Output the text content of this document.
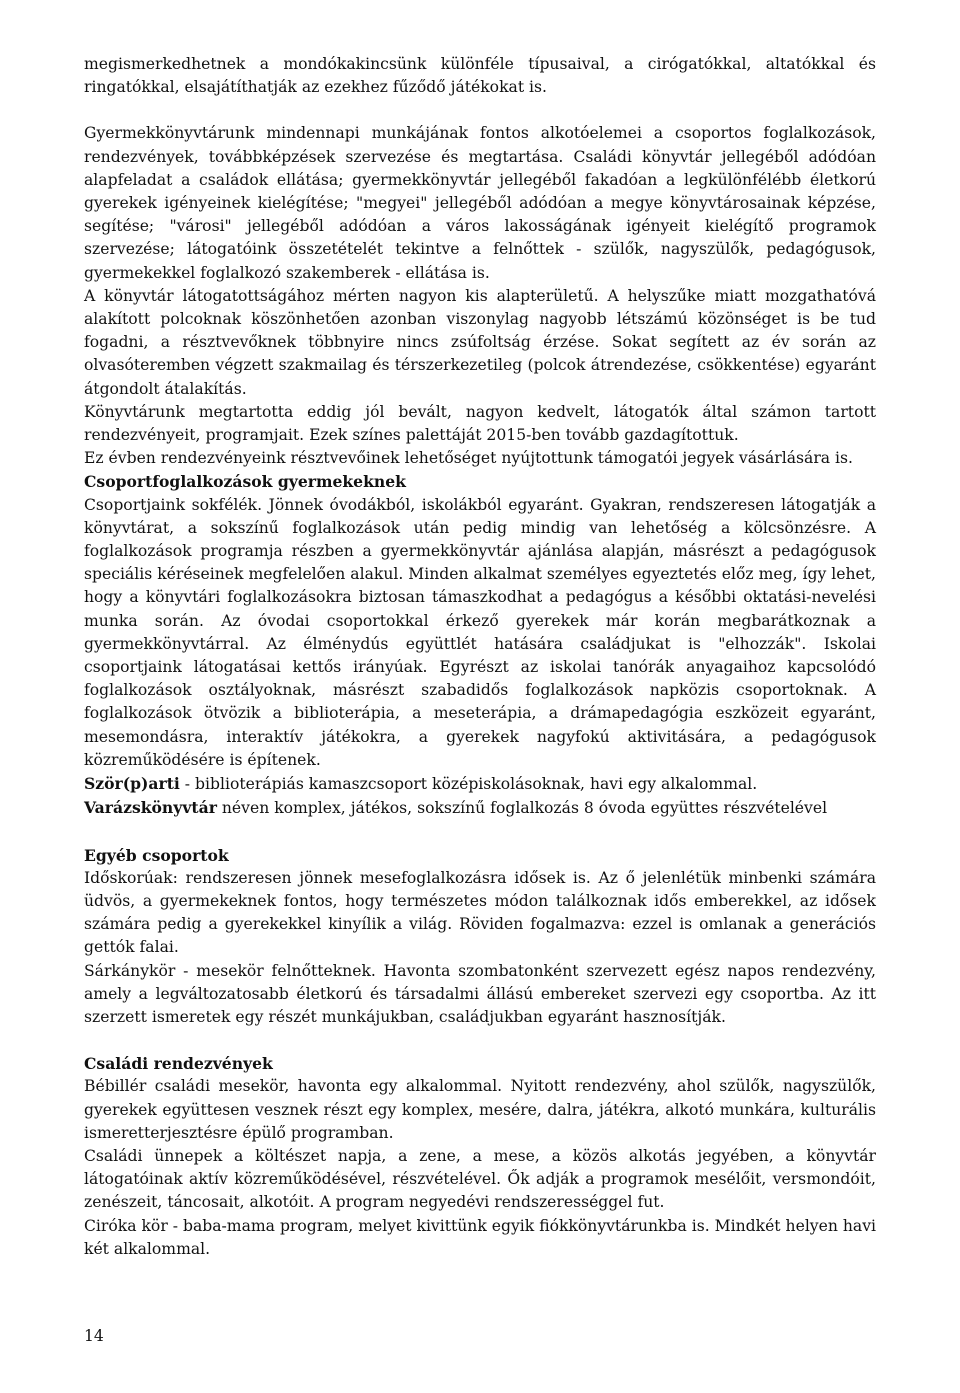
megismerkedhetnek a mondókakincsünk különféle típusaival, a cirógatókkal, altatókkal és ringatókkal, elsajátíthatják az ezekhez fűződő játékokat is.

Gyermekkönyvtárunk mindennapi munkájának fontos alkotóelemei a csoportos foglalkozások, rendezvények, továbbképzések szervezése és megtartása. Családi könyvtár jellegéből adódóan alapfeladat a családok ellátása; gyermekkönyvtár jellegéből fakadóan a legkülönfélébb életkorú gyerekek igényeinek kielégítése; "megyei" jellegéből adódóan a megye könyvtárosainak képzése, segítése; "városi" jellegéből adódóan a város lakosságának igényeit kielégítő programok szervezése; látogatóink összetételét tekintve a felnőttek - szülők, nagyszülők, pedagógusok, gyermekekkel foglalkozó szakemberek - ellátása is.

A könyvtár látogatottságához mérten nagyon kis alapterületű. A helyszűke miatt mozgathatóvá alakított polcoknak köszönhetően azonban viszonylag nagyobb létszámú közönséget is be tud fogadni, a résztvevőknek többnyire nincs zsúfoltság érzése. Sokat segített az év során az olvasóteremben végzett szakmailag és térszerkezetileg (polcok átrendezése, csökkentése) egyaránt átgondolt átalakítás.

Könyvtárunk megtartotta eddig jól bevált, nagyon kedvelt, látogatók által számon tartott rendezvényeit, programjait. Ezek színes palettáját 2015-ben tovább gazdagítottuk.

Ez évben rendezvényeink résztvevőinek lehetőséget nyújtottunk támogatói jegyek vásárlására is.

Csoportfoglalkozások gyermekeknek

Csoportjaink sokfélék. Jönnek óvodákból, iskolákból egyaránt. Gyakran, rendszeresen látogatják a könyvtárat, a sokszínű foglalkozások után pedig mindig van lehetőség a kölcsönzésre. A foglalkozások programja részben a gyermekkönyvtár ajánlása alapján, másrészt a pedagógusok speciális kéréseinek megfelelően alakul. Minden alkalmat személyes egyeztetés előz meg, így lehet, hogy a könyvtári foglalkozásokra biztosan támaszkodhat a pedagógus a későbbi oktatási-nevelési munka során. Az óvodai csoportokkal érkező gyerekek már korán megbarátkoznak a gyermekkönyvtárral. Az élménydús együttlét hatására családjukat is "elhozzák". Iskolai csoportjaink látogatásai kettős irányúak. Egyrészt az iskolai tanórák anyagaihoz kapcsolódó foglalkozások osztályoknak, másrészt szabadidős foglalkozások napközis csoportoknak. A foglalkozások ötvözik a biblioterápia, a meseterápia, a drámapedagógia eszközeit egyaránt, mesemondásra, interaktív játékokra, a gyerekek nagyfokú aktivitására, a pedagógusok közreműködésére is építenek.

Ször(p)arti - biblioterápiás kamaszcsoport középiskolásoknak, havi egy alkalommal.

Varázskönyvtár néven komplex, játékos, sokszínű foglalkozás 8 óvoda együttes részvételével

Egyéb csoportok

Időskorúak: rendszeresen jönnek mesefoglalkozásra idősek is. Az ő jelenlétük minbenki számára üdvös, a gyermekeknek fontos, hogy természetes módon találkoznak idős emberekkel, az idősek számára pedig a gyerekekkel kinyílik a világ. Röviden fogalmazva: ezzel is omlanak a generációs gettók falai.

Sárkánykör - mesekör felnőtteknek. Havonta szombatonként szervezett egész napos rendezvény, amely a legváltozatosabb életkorú és társadalmi állású embereket szervezi egy csoportba. Az itt szerzett ismeretek egy részét munkájukban, családjukban egyaránt hasznosítják.

Családi rendezvények

Bébillér családi mesekör, havonta egy alkalommal. Nyitott rendezvény, ahol szülők, nagyszülők, gyerekek együttesen vesznek részt egy komplex, mesére, dalra, játékra, alkotó munkára, kulturális ismeretterjesztésre épülő programban.

Családi ünnepek a költészet napja, a zene, a mese, a közös alkotás jegyében, a könyvtár látogatóinak aktív közreműködésével, részvételével. Ők adják a programok mesélőit, versmondóit, zenészeit, táncosait, alkotóit. A program negyedévi rendszerességgel fut.

Ciróka kör - baba-mama program, melyet kivittünk egyik fiókkönyvtárunkba is. Mindkét helyen havi két alkalommal.

14
